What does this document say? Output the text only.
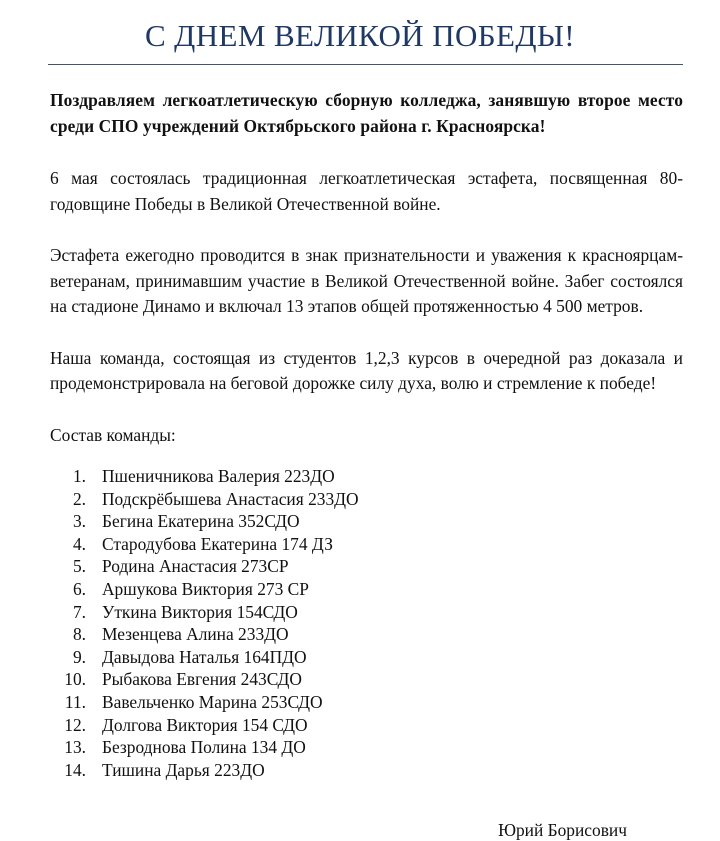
С ДНЕМ ВЕЛИКОЙ ПОБЕДЫ!

Поздравляем легкоатлетическую сборную колледжа, занявшую второе место среди СПО учреждений Октябрьского района г. Красноярска!

6 мая состоялась традиционная легкоатлетическая эстафета, посвященная 80-годовщине Победы в Великой Отечественной войне.

Эстафета ежегодно проводится в знак признательности и уважения к красноярцам-ветеранам, принимавшим участие в Великой Отечественной войне. Забег состоялся на стадионе Динамо и включал 13 этапов общей протяженностью 4 500 метров.

Наша команда, состоящая из студентов 1,2,3 курсов в очередной раз доказала и продемонстрировала на беговой дорожке силу духа, волю и стремление к победе!

Состав команды:

Пшеничникова Валерия 223ДО
Подскрёбышева Анастасия 233ДО
Бегина Екатерина 352СДО
Стародубова Екатерина 174 ДЗ
Родина Анастасия 273СР
Аршукова Виктория 273 СР
Уткина Виктория 154СДО
Мезенцева Алина 233ДО
Давыдова Наталья 164ПДО
Рыбакова Евгения 243СДО
Вавельченко Марина 253СДО
Долгова Виктория 154 СДО
Безроднова Полина 134 ДО
Тишина Дарья 223ДО
Юрий Борисович
